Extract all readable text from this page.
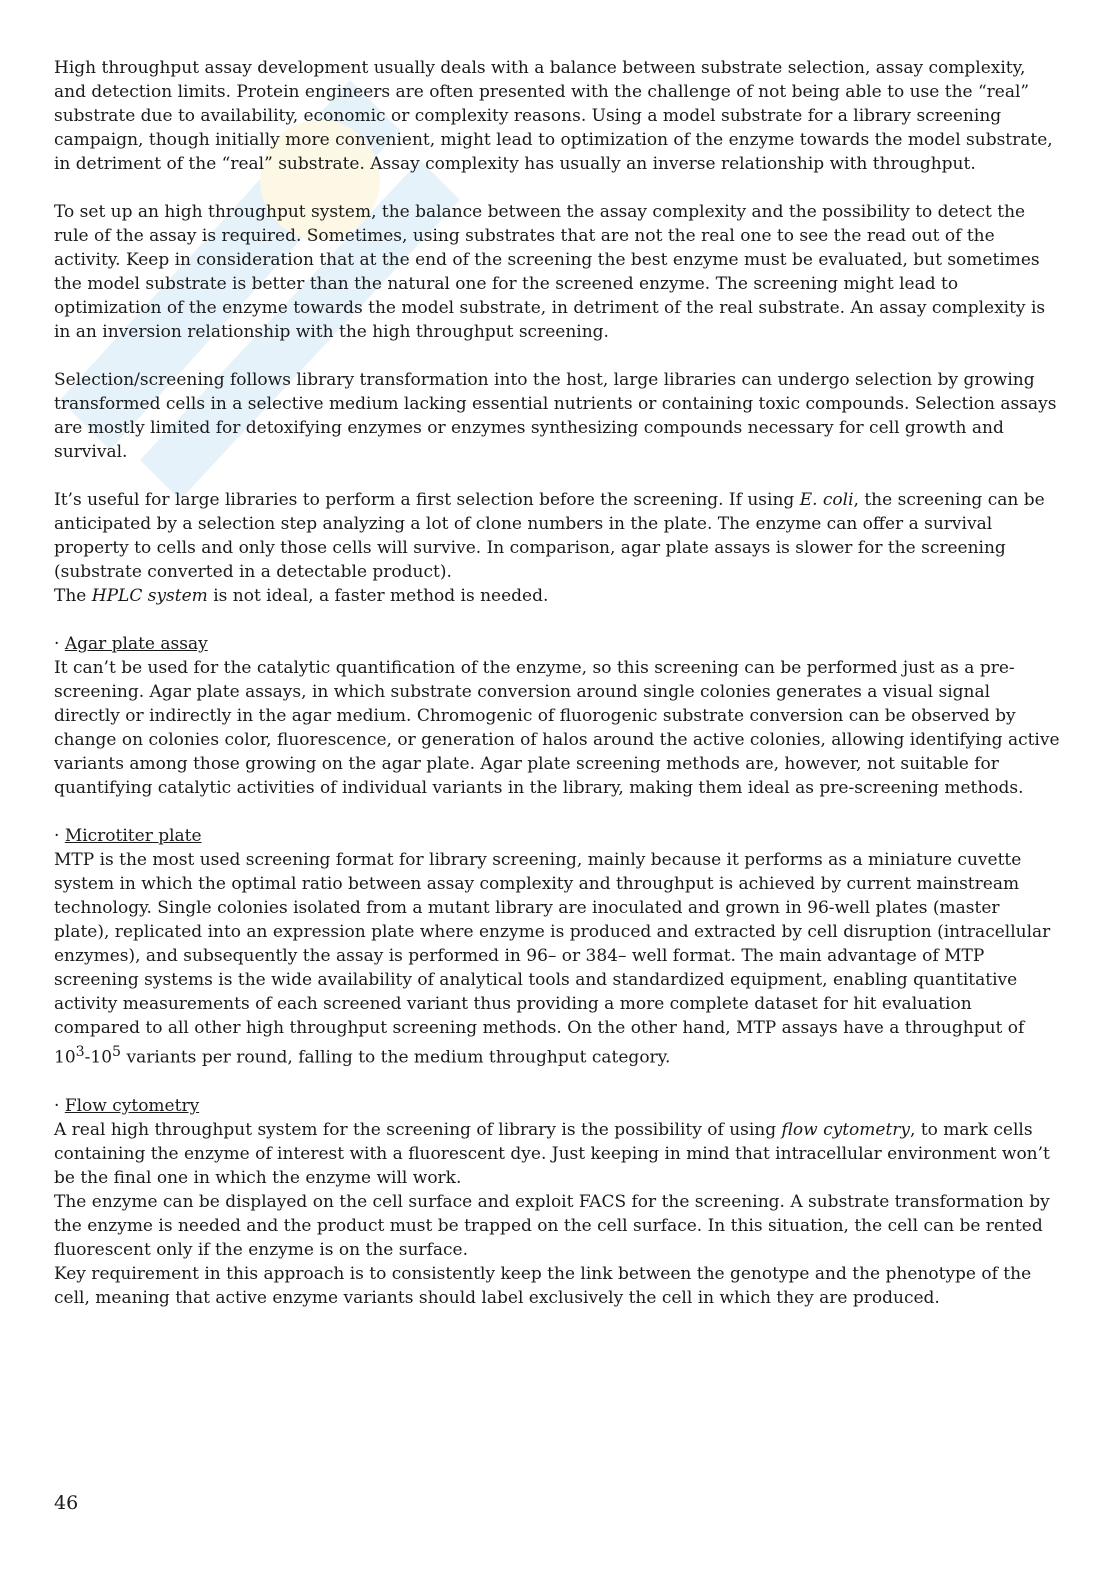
High throughput assay development usually deals with a balance between substrate selection, assay complexity, and detection limits. Protein engineers are often presented with the challenge of not being able to use the “real” substrate due to availability, economic or complexity reasons. Using a model substrate for a library screening campaign, though initially more convenient, might lead to optimization of the enzyme towards the model substrate, in detriment of the “real” substrate. Assay complexity has usually an inverse relationship with throughput.

To set up an high throughput system, the balance between the assay complexity and the possibility to detect the rule of the assay is required. Sometimes, using substrates that are not the real one to see the read out of the activity. Keep in consideration that at the end of the screening the best enzyme must be evaluated, but sometimes the model substrate is better than the natural one for the screened enzyme. The screening might lead to optimization of the enzyme towards the model substrate, in detriment of the real substrate. An assay complexity is in an inversion relationship with the high throughput screening.

Selection/screening follows library transformation into the host, large libraries can undergo selection by growing transformed cells in a selective medium lacking essential nutrients or containing toxic compounds. Selection assays are mostly limited for detoxifying enzymes or enzymes synthesizing compounds necessary for cell growth and survival.

It’s useful for large libraries to perform a first selection before the screening. If using E. coli, the screening can be anticipated by a selection step analyzing a lot of clone numbers in the plate. The enzyme can offer a survival property to cells and only those cells will survive. In comparison, agar plate assays is slower for the screening (substrate converted in a detectable product).

The HPLC system is not ideal, a faster method is needed.

· Agar plate assay

It can’t be used for the catalytic quantification of the enzyme, so this screening can be performed just as a pre-screening. Agar plate assays, in which substrate conversion around single colonies generates a visual signal directly or indirectly in the agar medium. Chromogenic of fluorogenic substrate conversion can be observed by change on colonies color, fluorescence, or generation of halos around the active colonies, allowing identifying active variants among those growing on the agar plate. Agar plate screening methods are, however, not suitable for quantifying catalytic activities of individual variants in the library, making them ideal as pre-screening methods.

· Microtiter plate

MTP is the most used screening format for library screening, mainly because it performs as a miniature cuvette system in which the optimal ratio between assay complexity and throughput is achieved by current mainstream technology. Single colonies isolated from a mutant library are inoculated and grown in 96-well plates (master plate), replicated into an expression plate where enzyme is produced and extracted by cell disruption (intracellular enzymes), and subsequently the assay is performed in 96– or 384– well format. The main advantage of MTP screening systems is the wide availability of analytical tools and standardized equipment, enabling quantitative activity measurements of each screened variant thus providing a more complete dataset for hit evaluation compared to all other high throughput screening methods. On the other hand, MTP assays have a throughput of $10^3-10^5$ variants per round, falling to the medium throughput category.

· Flow cytometry

A real high throughput system for the screening of library is the possibility of using flow cytometry, to mark cells containing the enzyme of interest with a fluorescent dye. Just keeping in mind that intracellular environment won’t be the final one in which the enzyme will work.

The enzyme can be displayed on the cell surface and exploit FACS for the screening. A substrate transformation by the enzyme is needed and the product must be trapped on the cell surface. In this situation, the cell can be rented fluorescent only if the enzyme is on the surface.

Key requirement in this approach is to consistently keep the link between the genotype and the phenotype of the cell, meaning that active enzyme variants should label exclusively the cell in which they are produced.

46
